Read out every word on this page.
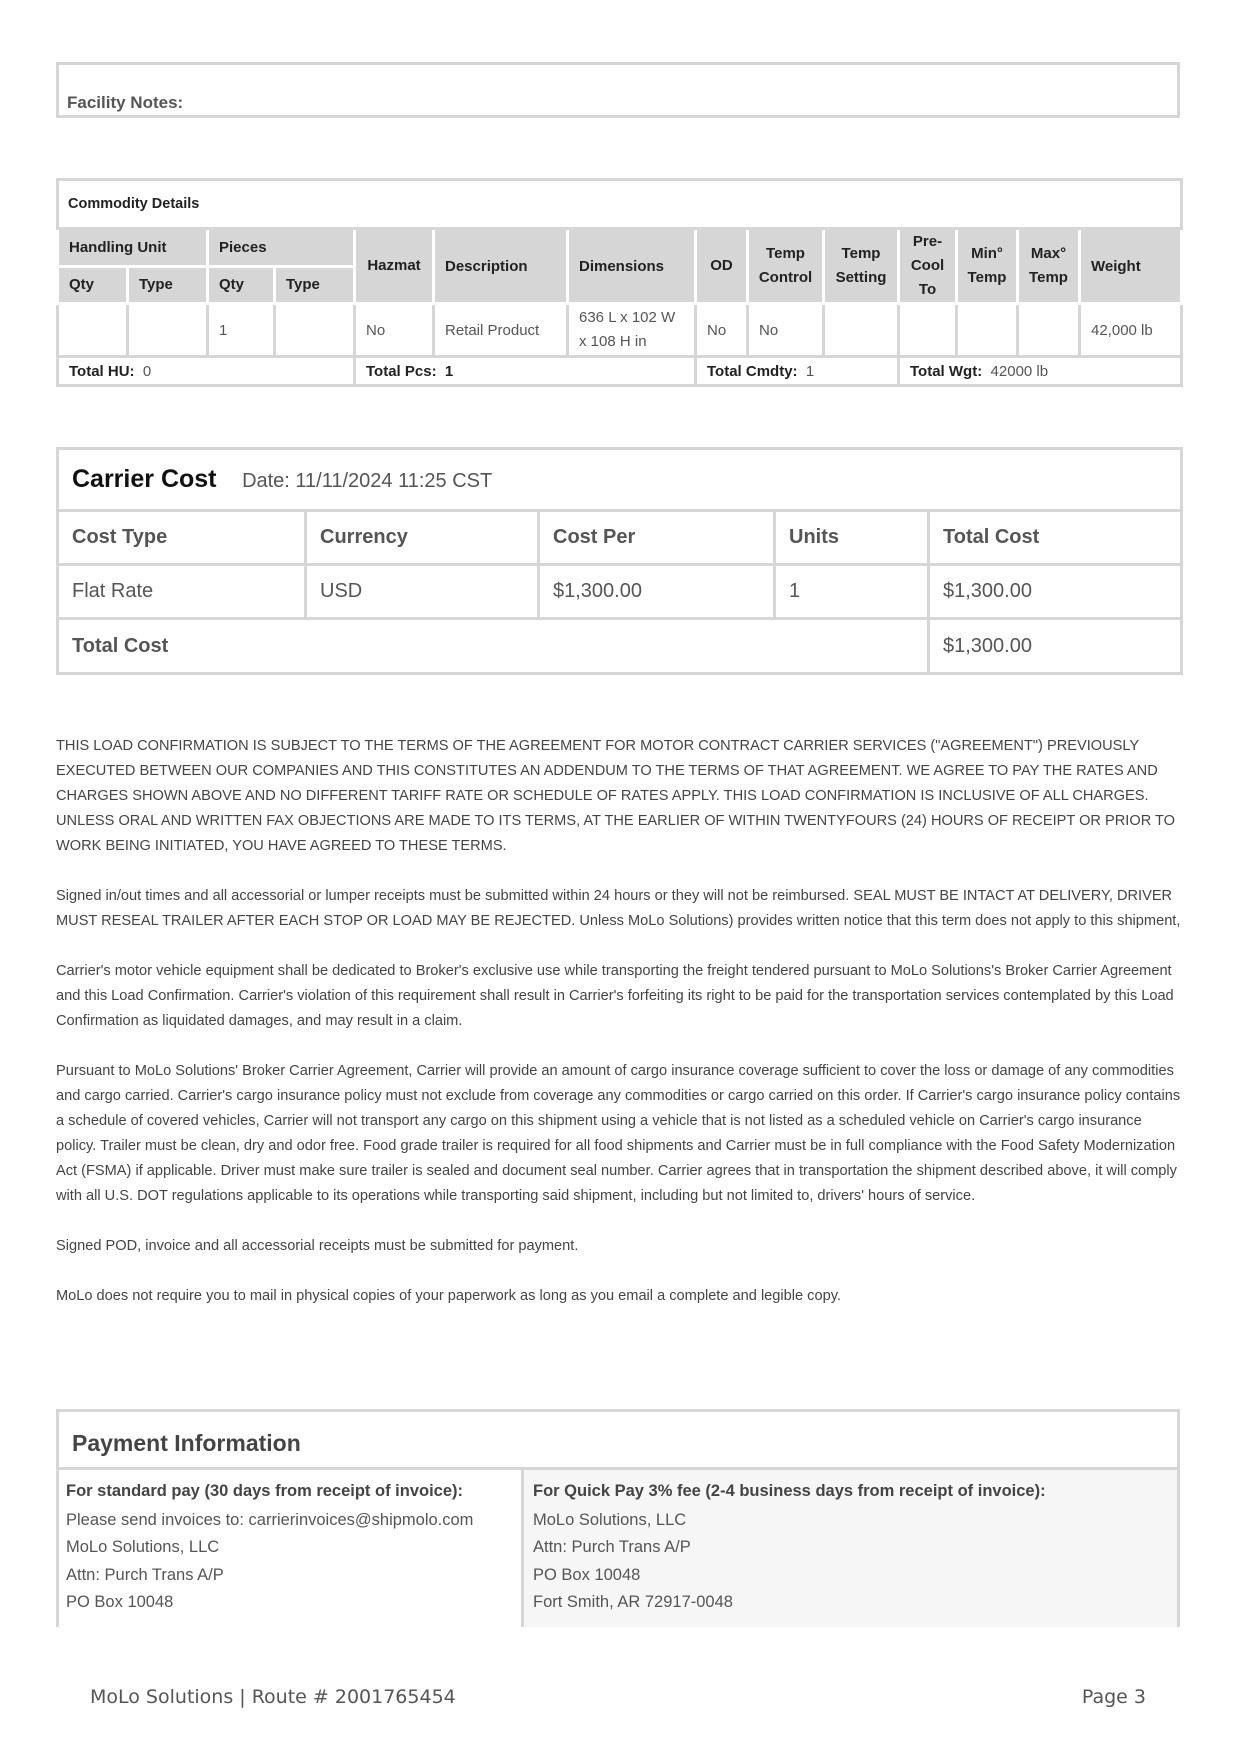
Facility Notes:
Commodity Details													
Handling Unit		Pieces		Hazmat	Description	Dimensions	OD	Temp Control	Temp Setting	Pre-Cool To	Min° Temp	Max° Temp	Weight
Qty	Type	Qty	Type										
		1		No	Retail Product	636 L x 102 W x 108 H in	No	No					42,000 lb
Total HU: 0				Total Pcs: 1			Total Cmdty: 1			Total Wgt: 42000 lb			
Carrier Cost Date: 11/11/2024 11:25 CST				
Cost Type	Currency	Cost Per	Units	Total Cost
Flat Rate	USD	$1,300.00	1	$1,300.00
Total Cost				$1,300.00

THIS LOAD CONFIRMATION IS SUBJECT TO THE TERMS OF THE AGREEMENT FOR MOTOR CONTRACT CARRIER SERVICES ("AGREEMENT") PREVIOUSLY EXECUTED BETWEEN OUR COMPANIES AND THIS CONSTITUTES AN ADDENDUM TO THE TERMS OF THAT AGREEMENT. WE AGREE TO PAY THE RATES AND CHARGES SHOWN ABOVE AND NO DIFFERENT TARIFF RATE OR SCHEDULE OF RATES APPLY. THIS LOAD CONFIRMATION IS INCLUSIVE OF ALL CHARGES. UNLESS ORAL AND WRITTEN FAX OBJECTIONS ARE MADE TO ITS TERMS, AT THE EARLIER OF WITHIN TWENTYFOURS (24) HOURS OF RECEIPT OR PRIOR TO WORK BEING INITIATED, YOU HAVE AGREED TO THESE TERMS.

Signed in/out times and all accessorial or lumper receipts must be submitted within 24 hours or they will not be reimbursed. SEAL MUST BE INTACT AT DELIVERY, DRIVER MUST RESEAL TRAILER AFTER EACH STOP OR LOAD MAY BE REJECTED. Unless MoLo Solutions) provides written notice that this term does not apply to this shipment,

Carrier's motor vehicle equipment shall be dedicated to Broker's exclusive use while transporting the freight tendered pursuant to MoLo Solutions's Broker Carrier Agreement and this Load Confirmation. Carrier's violation of this requirement shall result in Carrier's forfeiting its right to be paid for the transportation services contemplated by this Load Confirmation as liquidated damages, and may result in a claim.

Pursuant to MoLo Solutions' Broker Carrier Agreement, Carrier will provide an amount of cargo insurance coverage sufficient to cover the loss or damage of any commodities and cargo carried. Carrier's cargo insurance policy must not exclude from coverage any commodities or cargo carried on this order. If Carrier's cargo insurance policy contains a schedule of covered vehicles, Carrier will not transport any cargo on this shipment using a vehicle that is not listed as a scheduled vehicle on Carrier's cargo insurance policy. Trailer must be clean, dry and odor free. Food grade trailer is required for all food shipments and Carrier must be in full compliance with the Food Safety Modernization Act (FSMA) if applicable. Driver must make sure trailer is sealed and document seal number. Carrier agrees that in transportation the shipment described above, it will comply with all U.S. DOT regulations applicable to its operations while transporting said shipment, including but not limited to, drivers' hours of service.

Signed POD, invoice and all accessorial receipts must be submitted for payment.

MoLo does not require you to mail in physical copies of your paperwork as long as you email a complete and legible copy.

Payment Information
For standard pay (30 days from receipt of invoice):
Please send invoices to: carrierinvoices@shipmolo.com
MoLo Solutions, LLC
Attn: Purch Trans A/P
PO Box 10048
For Quick Pay 3% fee (2-4 business days from receipt of invoice):
MoLo Solutions, LLC
Attn: Purch Trans A/P
PO Box 10048
Fort Smith, AR 72917-0048
MoLo Solutions | Route # 2001765454	Page 3
